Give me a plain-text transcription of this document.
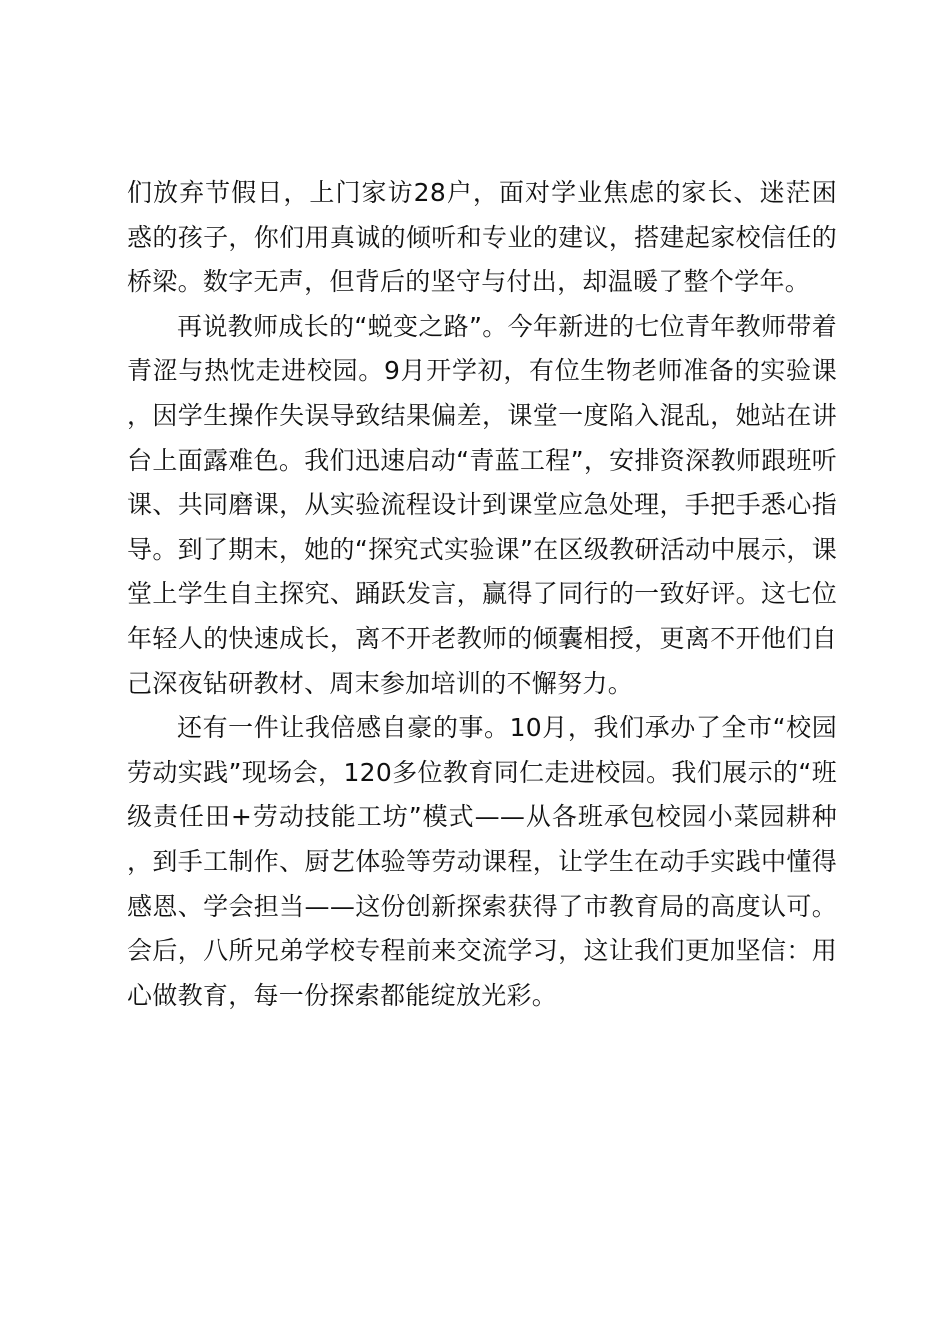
们放弃节假日，上门家访28户，面对学业焦虑的家长、迷茫困惑的孩子，你们用真诚的倾听和专业的建议，搭建起家校信任的桥梁。数字无声，但背后的坚守与付出，却温暖了整个学年。

再说教师成长的“蜕变之路”。今年新进的七位青年教师带着青涩与热忱走进校园。9月开学初，有位生物老师准备的实验课，因学生操作失误导致结果偏差，课堂一度陷入混乱，她站在讲台上面露难色。我们迅速启动“青蓝工程”，安排资深教师跟班听课、共同磨课，从实验流程设计到课堂应急处理，手把手悉心指导。到了期末，她的“探究式实验课”在区级教研活动中展示，课堂上学生自主探究、踊跃发言，赢得了同行的一致好评。这七位年轻人的快速成长，离不开老教师的倾囊相授，更离不开他们自己深夜钻研教材、周末参加培训的不懈努力。

还有一件让我倍感自豪的事。10月，我们承办了全市“校园劳动实践”现场会，120多位教育同仁走进校园。我们展示的“班级责任田+劳动技能工坊”模式——从各班承包校园小菜园耕种，到手工制作、厨艺体验等劳动课程，让学生在动手实践中懂得感恩、学会担当——这份创新探索获得了市教育局的高度认可。会后，八所兄弟学校专程前来交流学习，这让我们更加坚信：用心做教育，每一份探索都能绽放光彩。
